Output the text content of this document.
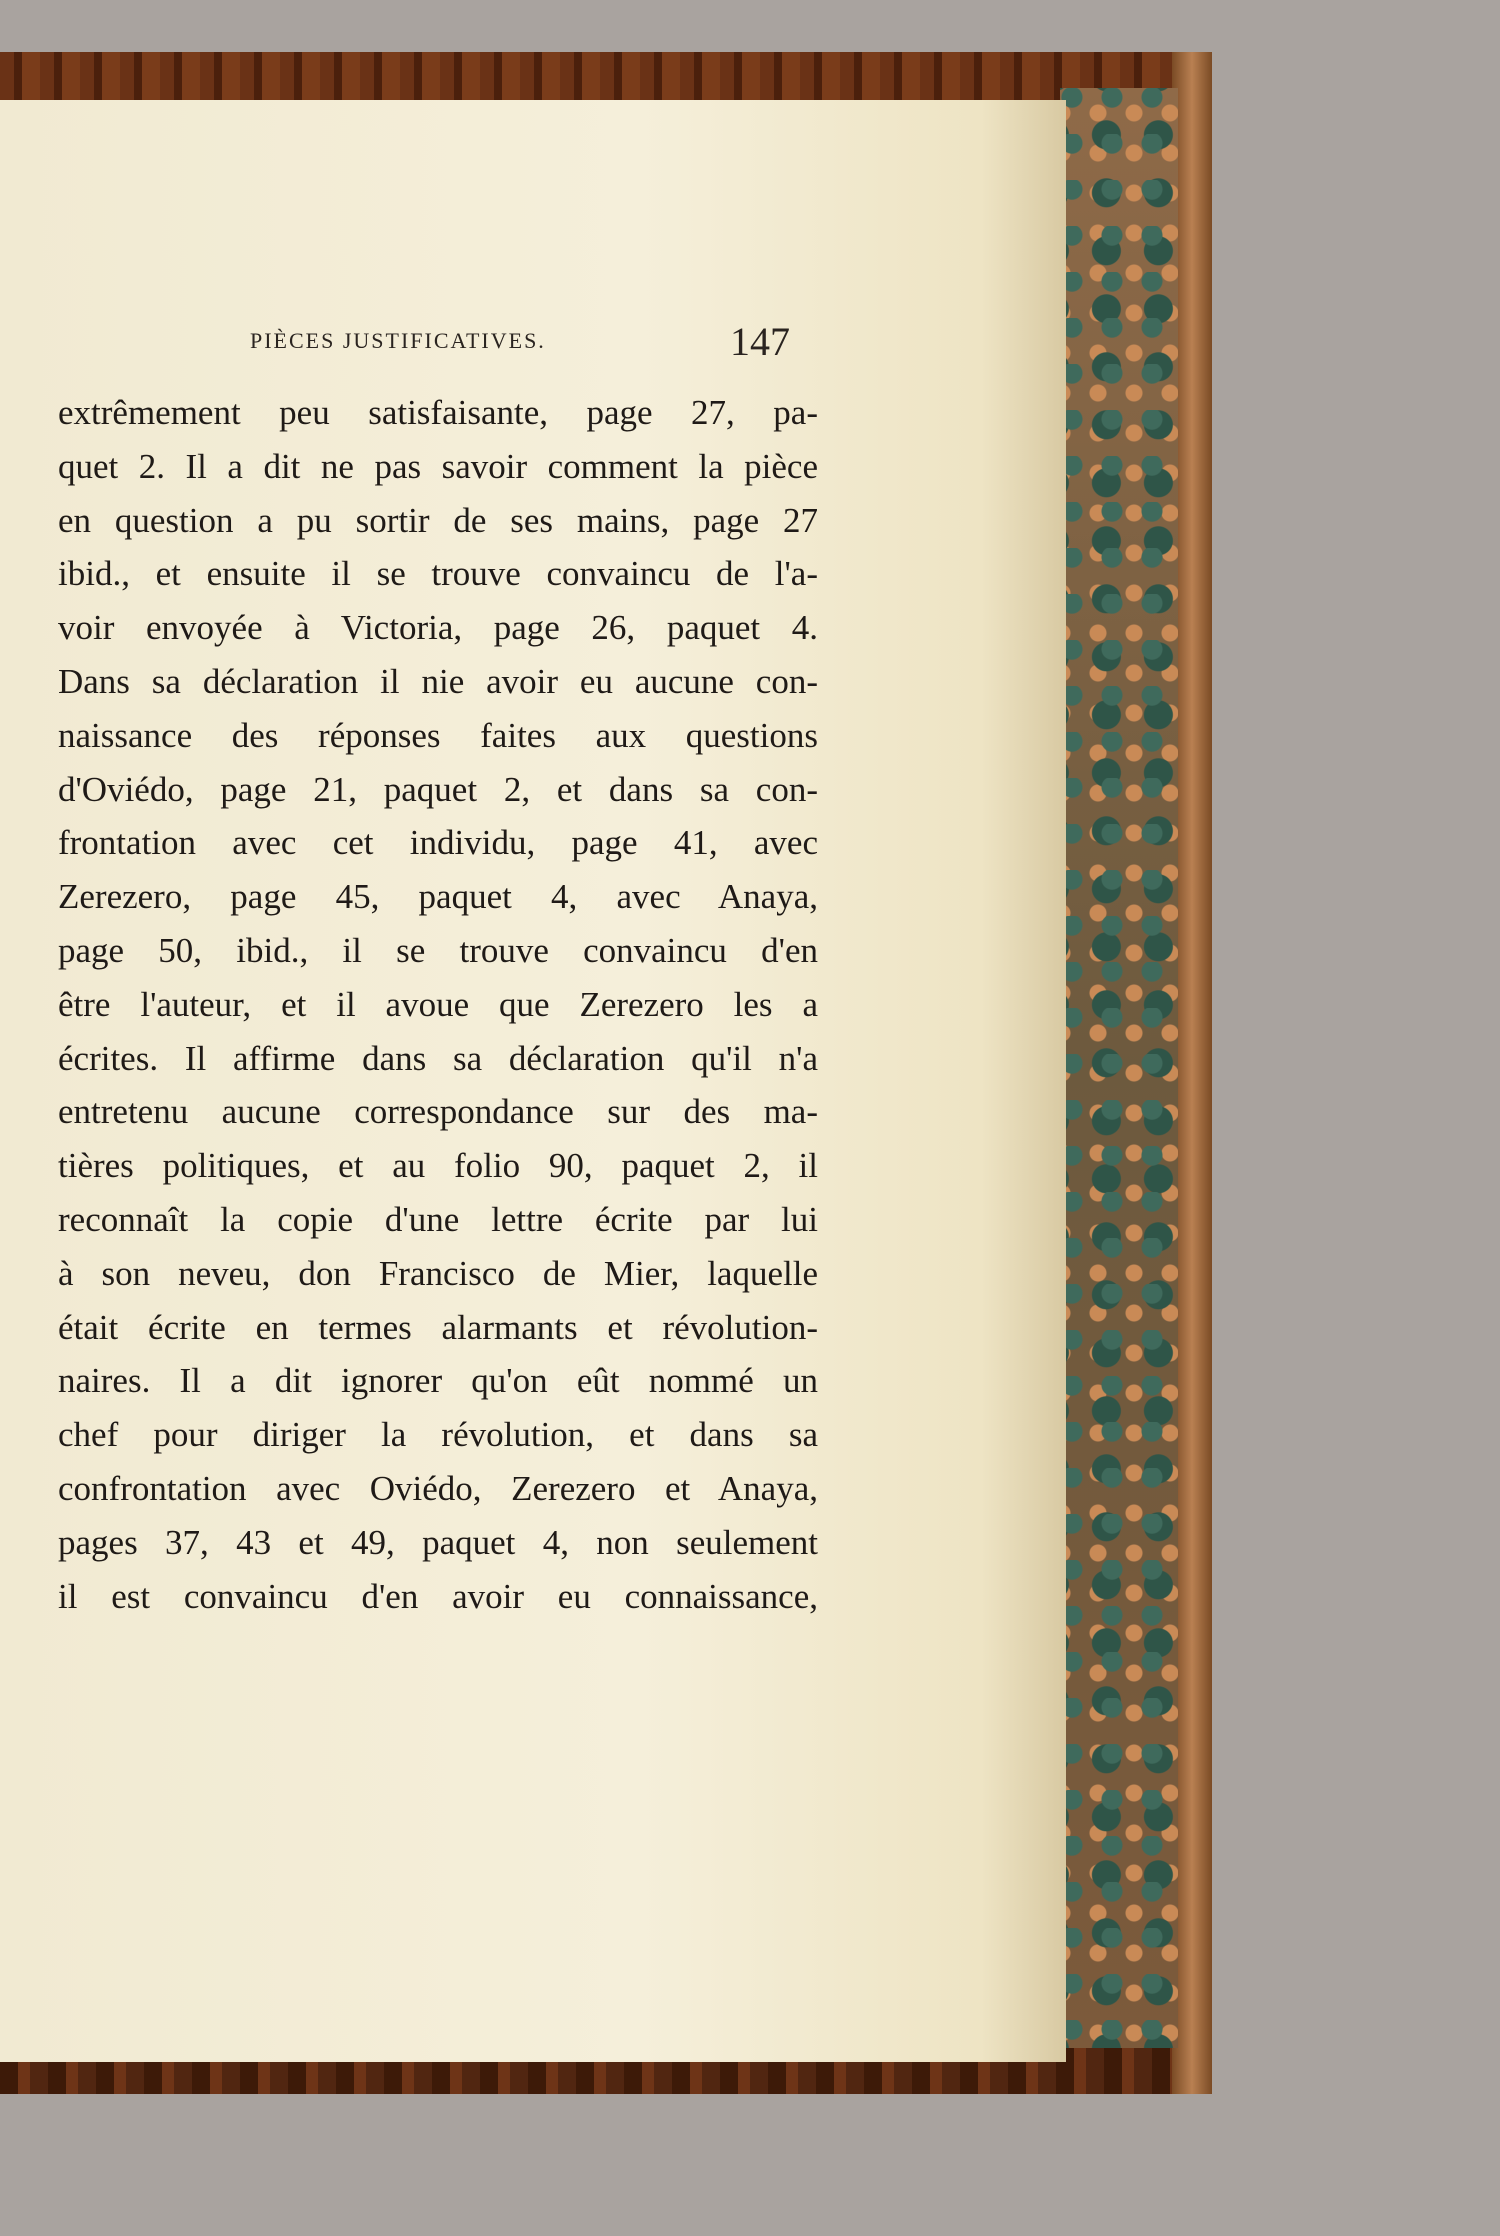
PIÈCES JUSTIFICATIVES.	147
extrêmement peu satisfaisante, page 27, pa-
quet 2. Il a dit ne pas savoir comment la pièce
en question a pu sortir de ses mains, page 27
ibid., et ensuite il se trouve convaincu de l'a-
voir envoyée à Victoria, page 26, paquet 4.
Dans sa déclaration il nie avoir eu aucune con-
naissance des réponses faites aux questions
d'Oviédo, page 21, paquet 2, et dans sa con-
frontation avec cet individu, page 41, avec
Zerezero, page 45, paquet 4, avec Anaya,
page 50, ibid., il se trouve convaincu d'en
être l'auteur, et il avoue que Zerezero les a
écrites. Il affirme dans sa déclaration qu'il n'a
entretenu aucune correspondance sur des ma-
tières politiques, et au folio 90, paquet 2, il
reconnaît la copie d'une lettre écrite par lui
à son neveu, don Francisco de Mier, laquelle
était écrite en termes alarmants et révolution-
naires. Il a dit ignorer qu'on eût nommé un
chef pour diriger la révolution, et dans sa
confrontation avec Oviédo, Zerezero et Anaya,
pages 37, 43 et 49, paquet 4, non seulement
il est convaincu d'en avoir eu connaissance,
